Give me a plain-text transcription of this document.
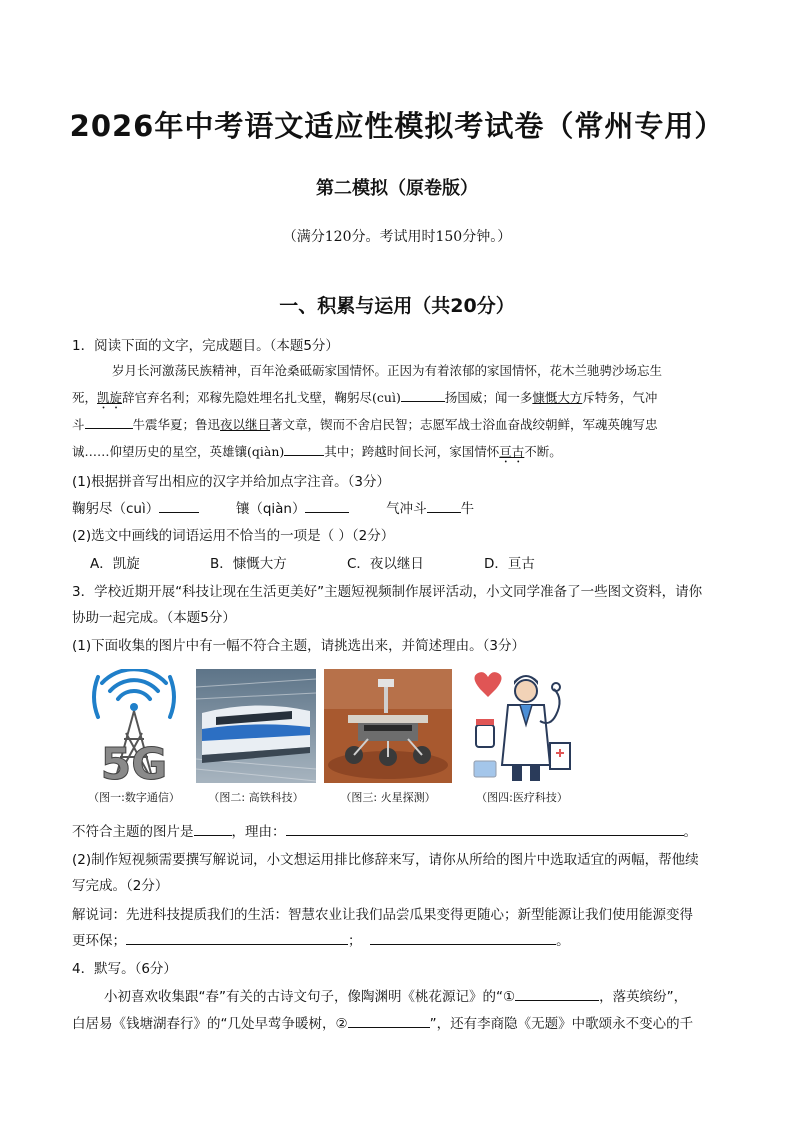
2026年中考语文适应性模拟考试卷（常州专用）
第二模拟（原卷版）
（满分120分。考试用时150分钟。）
一、积累与运用（共20分）
1．阅读下面的文字，完成题目。（本题5分）
岁月长河激荡民族精神，百年沧桑砥砺家国情怀。正因为有着浓郁的家国情怀，花木兰驰骋沙场忘生
死，凯旋辞官弃名利；邓稼先隐姓埋名扎戈壁，鞠躬尽(cuì)	扬国威；闻一多慷慨大方斥特务，气冲
斗	牛震华夏；鲁迅夜以继日著文章，锲而不舍启民智；志愿军战士浴血奋战绞朝鲜，军魂英魄写忠
诚……仰望历史的星空，英雄镶(qiàn)	其中；跨越时间长河，家国情怀亘古不断。
(1)根据拼音写出相应的汉字并给加点字注音。（3分）
鞠躬尽（cuì）	镶（qiàn）	气冲斗	牛
(2)选文中画线的词语运用不恰当的一项是（ ）（2分）
A．凯旋	B．慷慨大方	C．夜以继日	D．亘古
3．学校近期开展“科技让现在生活更美好”主题短视频制作展评活动，小文同学准备了一些图文资料，请你
协助一起完成。（本题5分）
(1)下面收集的图片中有一幅不符合主题，请挑选出来，并简述理由。（3分）
5G
（图一:数字通信）	（图二: 高铁科技）	（图三: 火星探测）	（图四:医疗科技）
不符合主题的图片是	，理由：	。
(2)制作短视频需要撰写解说词，小文想运用排比修辞来写，请你从所给的图片中选取适宜的两幅，帮他续
写完成。（2分）
解说词：先进科技提质我们的生活：智慧农业让我们品尝瓜果变得更随心；新型能源让我们使用能源变得
更环保；	；	。
4．默写。（6分）
小初喜欢收集跟“春”有关的古诗文句子，像陶渊明《桃花源记》的“①	，落英缤纷”，
白居易《钱塘湖春行》的“几处早莺争暖树，②	”，还有李商隐《无题》中歌颂永不变心的千
